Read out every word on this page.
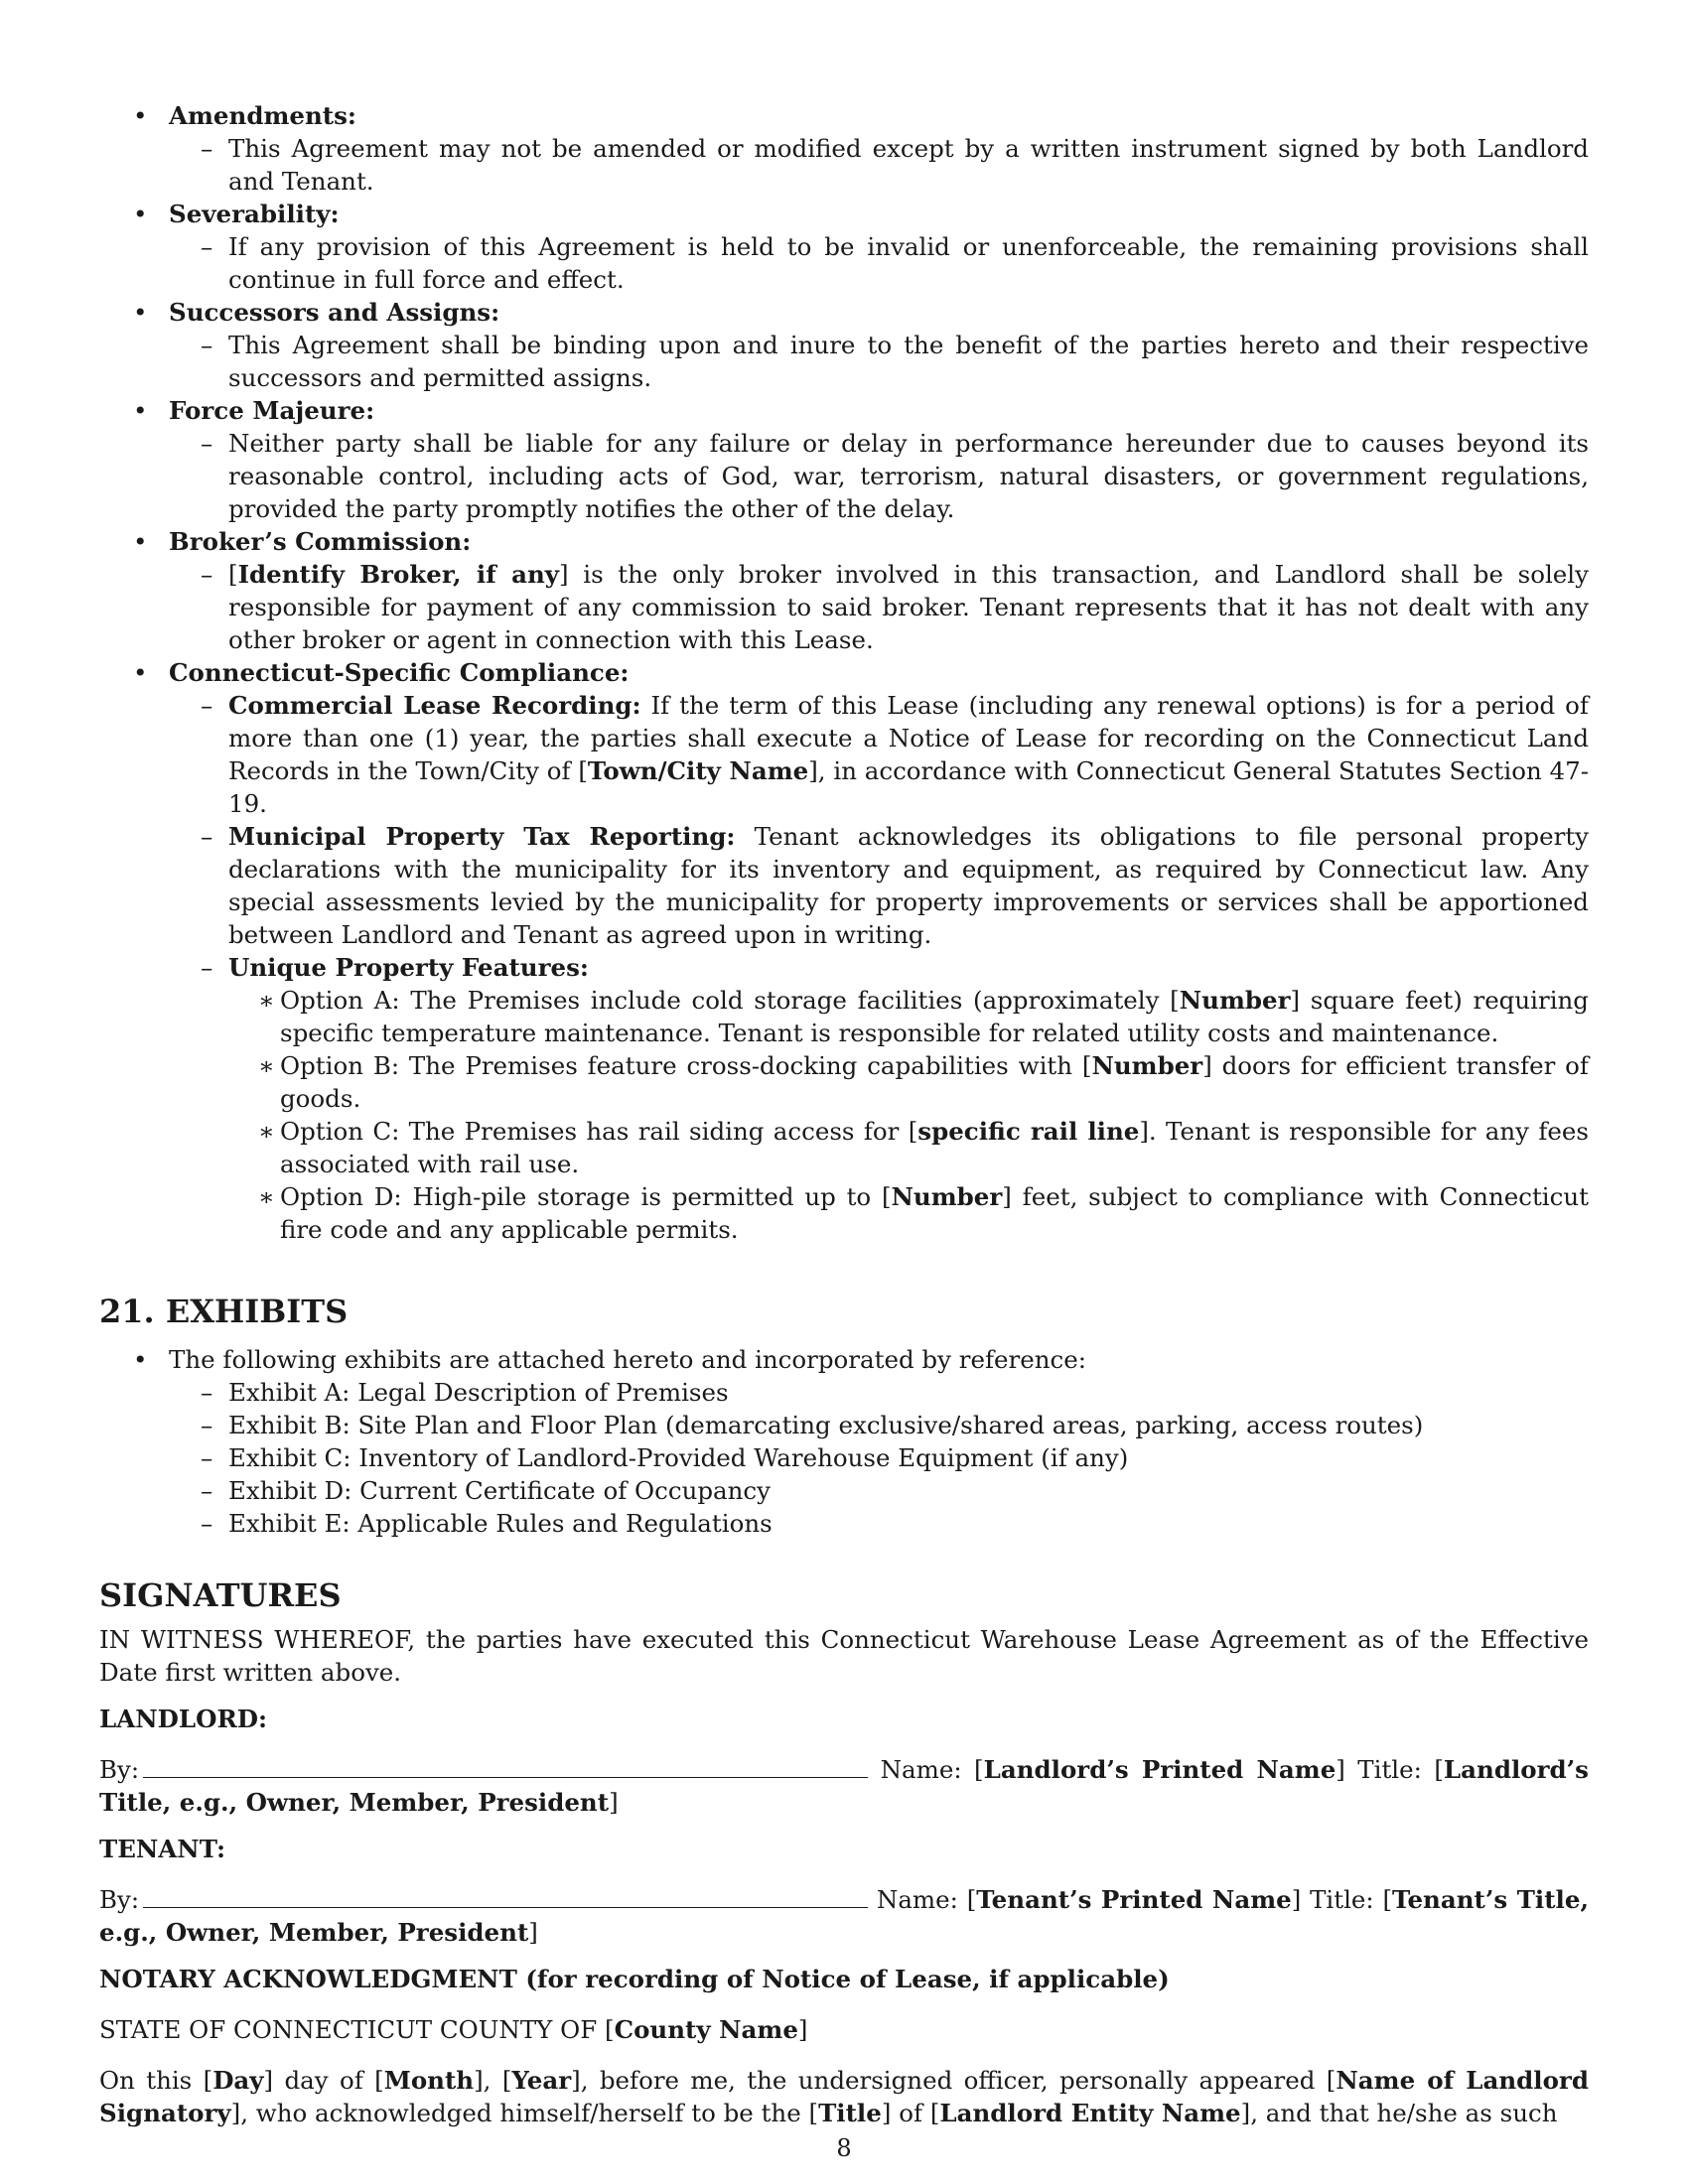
• Amendments:
– This Agreement may not be amended or modified except by a written instrument signed by both Landlord and Tenant.
• Severability:
– If any provision of this Agreement is held to be invalid or unenforceable, the remaining provisions shall continue in full force and effect.
• Successors and Assigns:
– This Agreement shall be binding upon and inure to the benefit of the parties hereto and their respective successors and permitted assigns.
• Force Majeure:
– Neither party shall be liable for any failure or delay in performance hereunder due to causes beyond its reasonable control, including acts of God, war, terrorism, natural disasters, or government regulations, provided the party promptly notifies the other of the delay.
• Broker’s Commission:
– [Identify Broker, if any] is the only broker involved in this transaction, and Landlord shall be solely responsible for payment of any commission to said broker. Tenant represents that it has not dealt with any other broker or agent in connection with this Lease.
• Connecticut-Specific Compliance:
– Commercial Lease Recording: If the term of this Lease (including any renewal options) is for a period of more than one (1) year, the parties shall execute a Notice of Lease for recording on the Connecticut Land Records in the Town/City of [Town/City Name], in accordance with Connecticut General Statutes Section 47-19.
– Municipal Property Tax Reporting: Tenant acknowledges its obligations to file personal property declarations with the municipality for its inventory and equipment, as required by Connecticut law. Any special assessments levied by the municipality for property improvements or services shall be apportioned between Landlord and Tenant as agreed upon in writing.
– Unique Property Features:
∗ Option A: The Premises include cold storage facilities (approximately [Number] square feet) requiring specific temperature maintenance. Tenant is responsible for related utility costs and maintenance.
∗ Option B: The Premises feature cross-docking capabilities with [Number] doors for efficient transfer of goods.
∗ Option C: The Premises has rail siding access for [specific rail line]. Tenant is responsible for any fees associated with rail use.
∗ Option D: High-pile storage is permitted up to [Number] feet, subject to compliance with Connecticut fire code and any applicable permits.
21. EXHIBITS
• The following exhibits are attached hereto and incorporated by reference:
– Exhibit A: Legal Description of Premises
– Exhibit B: Site Plan and Floor Plan (demarcating exclusive/shared areas, parking, access routes)
– Exhibit C: Inventory of Landlord-Provided Warehouse Equipment (if any)
– Exhibit D: Current Certificate of Occupancy
– Exhibit E: Applicable Rules and Regulations
SIGNATURES

IN WITNESS WHEREOF, the parties have executed this Connecticut Warehouse Lease Agreement as of the Effective Date first written above.

LANDLORD:

By:	Name: [Landlord’s Printed Name] Title: [Landlord’s Title, e.g., Owner, Member, President]

TENANT:

By:	Name: [Tenant’s Printed Name] Title: [Tenant’s Title, e.g., Owner, Member, President]

NOTARY ACKNOWLEDGMENT (for recording of Notice of Lease, if applicable)

STATE OF CONNECTICUT COUNTY OF [County Name]

On this [Day] day of [Month], [Year], before me, the undersigned officer, personally appeared [Name of Landlord Signatory], who acknowledged himself/herself to be the [Title] of [Landlord Entity Name], and that he/she as such

8
